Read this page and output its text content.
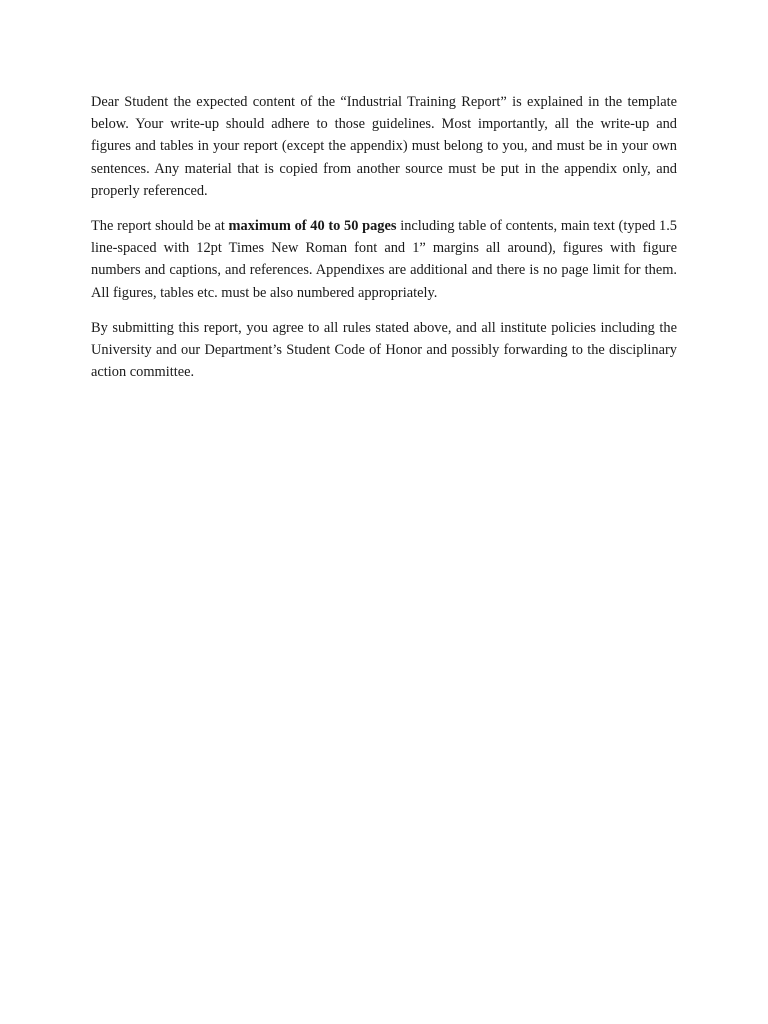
Dear Student the expected content of the “Industrial Training Report” is explained in the template below. Your write-up should adhere to those guidelines. Most importantly, all the write-up and figures and tables in your report (except the appendix) must belong to you, and must be in your own sentences. Any material that is copied from another source must be put in the appendix only, and properly referenced.

The report should be at maximum of 40 to 50 pages including table of contents, main text (typed 1.5 line-spaced with 12pt Times New Roman font and 1” margins all around), figures with figure numbers and captions, and references. Appendixes are additional and there is no page limit for them. All figures, tables etc. must be also numbered appropriately.

By submitting this report, you agree to all rules stated above, and all institute policies including the University and our Department’s Student Code of Honor and possibly forwarding to the disciplinary action committee.
